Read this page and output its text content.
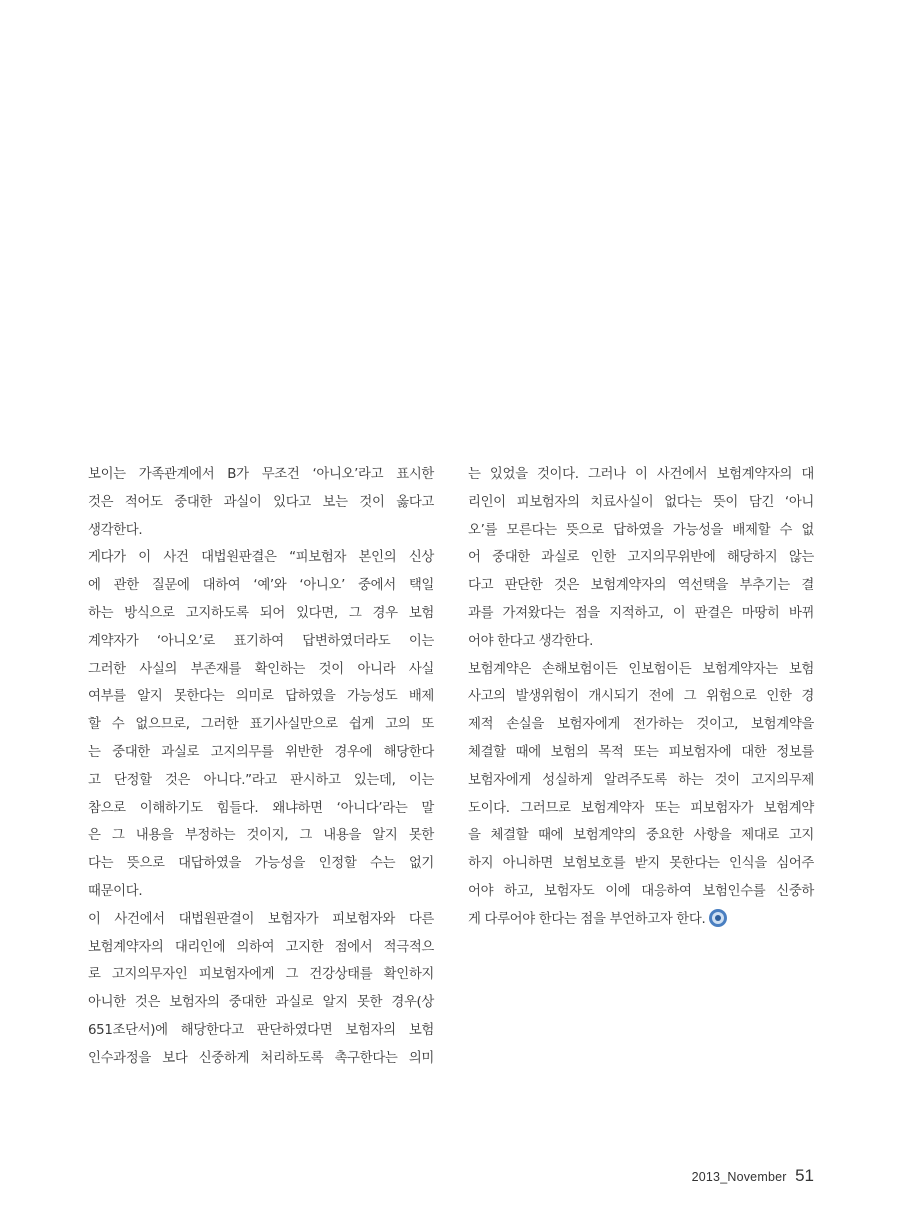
보이는 가족관계에서 B가 무조건 ‘아니오’라고 표시한
것은 적어도 중대한 과실이 있다고 보는 것이 옳다고
생각한다.
게다가 이 사건 대법원판결은 “피보험자 본인의 신상
에 관한 질문에 대하여 ‘예’와 ‘아니오’ 중에서 택일
하는 방식으로 고지하도록 되어 있다면, 그 경우 보험
계약자가 ‘아니오’로 표기하여 답변하였더라도 이는
그러한 사실의 부존재를 확인하는 것이 아니라 사실
여부를 알지 못한다는 의미로 답하였을 가능성도 배제
할 수 없으므로, 그러한 표기사실만으로 쉽게 고의 또
는 중대한 과실로 고지의무를 위반한 경우에 해당한다
고 단정할 것은 아니다.”라고 판시하고 있는데, 이는
참으로 이해하기도 힘들다. 왜냐하면 ‘아니다’라는 말
은 그 내용을 부정하는 것이지, 그 내용을 알지 못한
다는 뜻으로 대답하였을 가능성을 인정할 수는 없기
때문이다.
이 사건에서 대법원판결이 보험자가 피보험자와 다른
보험계약자의 대리인에 의하여 고지한 점에서 적극적으
로 고지의무자인 피보험자에게 그 건강상태를 확인하지
아니한 것은 보험자의 중대한 과실로 알지 못한 경우(상
651조단서)에 해당한다고 판단하였다면 보험자의 보험
인수과정을 보다 신중하게 처리하도록 촉구한다는 의미
는 있었을 것이다. 그러나 이 사건에서 보험계약자의 대
리인이 피보험자의 치료사실이 없다는 뜻이 담긴 ‘아니
오’를 모른다는 뜻으로 답하였을 가능성을 배제할 수 없
어 중대한 과실로 인한 고지의무위반에 해당하지 않는
다고 판단한 것은 보험계약자의 역선택을 부추기는 결
과를 가져왔다는 점을 지적하고, 이 판결은 마땅히 바뀌
어야 한다고 생각한다.
보험계약은 손해보험이든 인보험이든 보험계약자는 보험
사고의 발생위험이 개시되기 전에 그 위험으로 인한 경
제적 손실을 보험자에게 전가하는 것이고, 보험계약을
체결할 때에 보험의 목적 또는 피보험자에 대한 정보를
보험자에게 성실하게 알려주도록 하는 것이 고지의무제
도이다. 그러므로 보험계약자 또는 피보험자가 보험계약
을 체결할 때에 보험계약의 중요한 사항을 제대로 고지
하지 아니하면 보험보호를 받지 못한다는 인식을 심어주
어야 하고, 보험자도 이에 대응하여 보험인수를 신중하
게 다루어야 한다는 점을 부언하고자 한다.
2013_November 51
